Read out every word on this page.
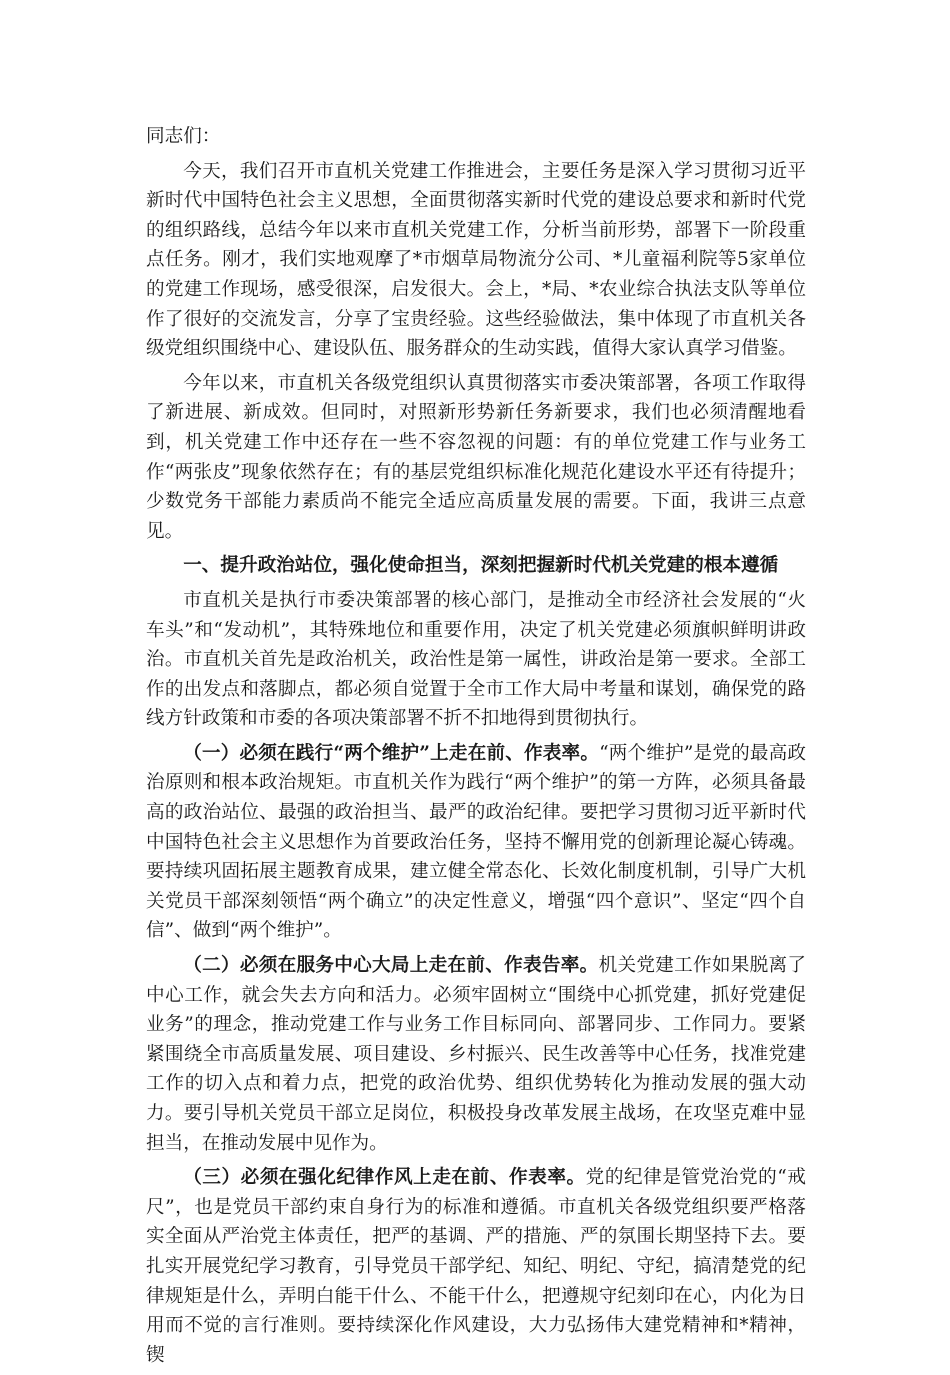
同志们：

今天，我们召开市直机关党建工作推进会，主要任务是深入学习贯彻习近平新时代中国特色社会主义思想，全面贯彻落实新时代党的建设总要求和新时代党的组织路线，总结今年以来市直机关党建工作，分析当前形势，部署下一阶段重点任务。刚才，我们实地观摩了*市烟草局物流分公司、*儿童福利院等5家单位的党建工作现场，感受很深，启发很大。会上，*局、*农业综合执法支队等单位作了很好的交流发言，分享了宝贵经验。这些经验做法，集中体现了市直机关各级党组织围绕中心、建设队伍、服务群众的生动实践，值得大家认真学习借鉴。

今年以来，市直机关各级党组织认真贯彻落实市委决策部署，各项工作取得了新进展、新成效。但同时，对照新形势新任务新要求，我们也必须清醒地看到，机关党建工作中还存在一些不容忽视的问题：有的单位党建工作与业务工作“两张皮”现象依然存在；有的基层党组织标准化规范化建设水平还有待提升；少数党务干部能力素质尚不能完全适应高质量发展的需要。下面，我讲三点意见。

一、提升政治站位，强化使命担当，深刻把握新时代机关党建的根本遵循

市直机关是执行市委决策部署的核心部门，是推动全市经济社会发展的“火车头”和“发动机”，其特殊地位和重要作用，决定了机关党建必须旗帜鲜明讲政治。市直机关首先是政治机关，政治性是第一属性，讲政治是第一要求。全部工作的出发点和落脚点，都必须自觉置于全市工作大局中考量和谋划，确保党的路线方针政策和市委的各项决策部署不折不扣地得到贯彻执行。

（一）必须在践行“两个维护”上走在前、作表率。“两个维护”是党的最高政治原则和根本政治规矩。市直机关作为践行“两个维护”的第一方阵，必须具备最高的政治站位、最强的政治担当、最严的政治纪律。要把学习贯彻习近平新时代中国特色社会主义思想作为首要政治任务，坚持不懈用党的创新理论凝心铸魂。要持续巩固拓展主题教育成果，建立健全常态化、长效化制度机制，引导广大机关党员干部深刻领悟“两个确立”的决定性意义，增强“四个意识”、坚定“四个自信”、做到“两个维护”。

（二）必须在服务中心大局上走在前、作表告率。机关党建工作如果脱离了中心工作，就会失去方向和活力。必须牢固树立“围绕中心抓党建，抓好党建促业务”的理念，推动党建工作与业务工作目标同向、部署同步、工作同力。要紧紧围绕全市高质量发展、项目建设、乡村振兴、民生改善等中心任务，找准党建工作的切入点和着力点，把党的政治优势、组织优势转化为推动发展的强大动力。要引导机关党员干部立足岗位，积极投身改革发展主战场，在攻坚克难中显担当，在推动发展中见作为。

（三）必须在强化纪律作风上走在前、作表率。党的纪律是管党治党的“戒尺”，也是党员干部约束自身行为的标准和遵循。市直机关各级党组织要严格落实全面从严治党主体责任，把严的基调、严的措施、严的氛围长期坚持下去。要扎实开展党纪学习教育，引导党员干部学纪、知纪、明纪、守纪，搞清楚党的纪律规矩是什么，弄明白能干什么、不能干什么，把遵规守纪刻印在心，内化为日用而不觉的言行准则。要持续深化作风建设，大力弘扬伟大建党精神和*精神，锲
